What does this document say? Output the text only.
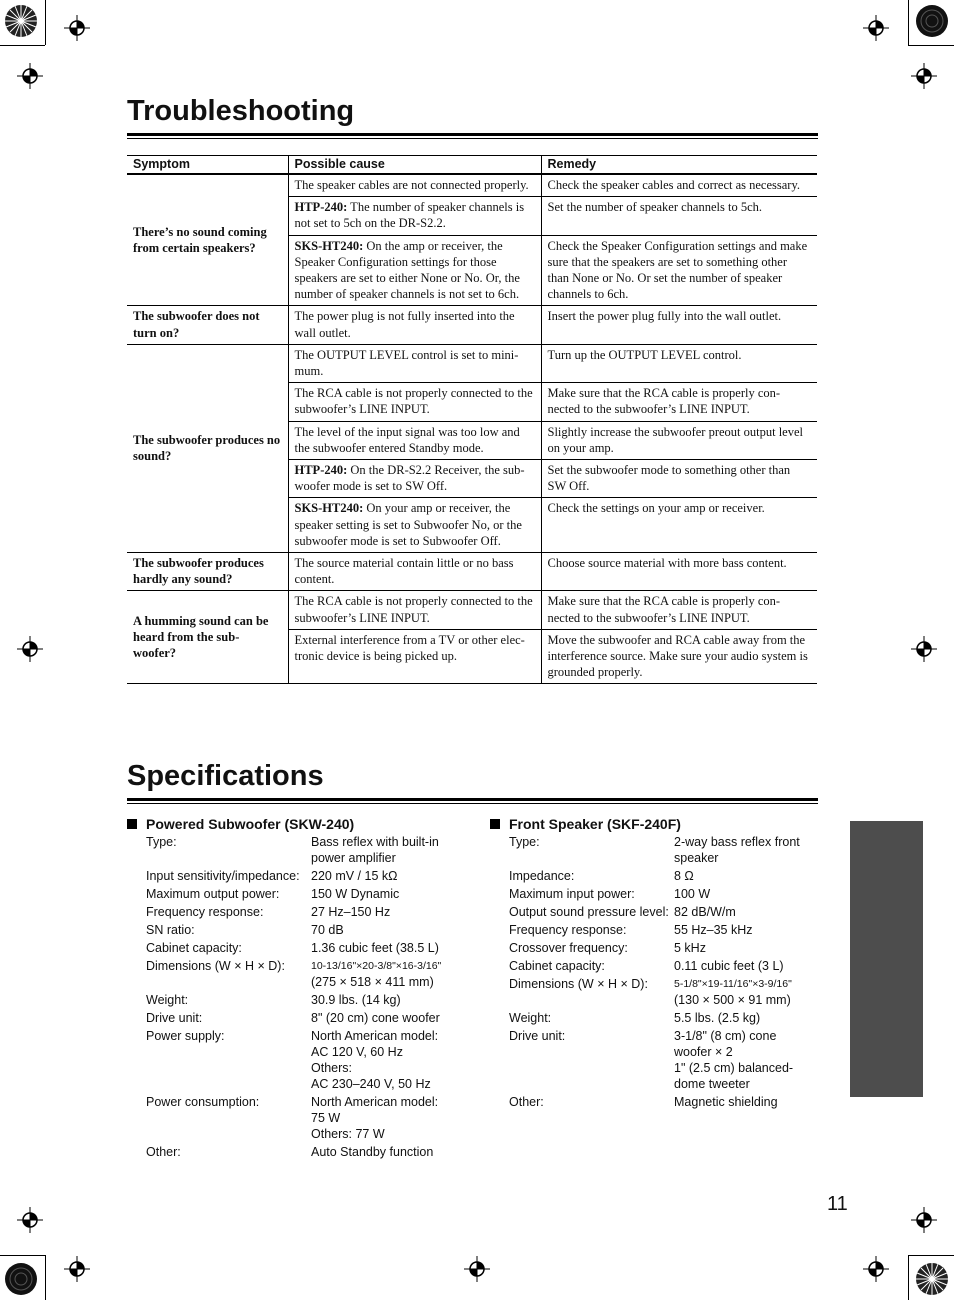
Troubleshooting
Symptom	Possible cause	Remedy
There’s no sound coming from certain speakers?	The speaker cables are not connected properly.	Check the speaker cables and correct as necessary.
	HTP-240: The number of speaker channels is not set to 5ch on the DR-S2.2.	Set the number of speaker channels to 5ch.
	SKS-HT240: On the amp or receiver, the Speaker Configuration settings for those speakers are set to either None or No. Or, the number of speaker channels is not set to 6ch.	Check the Speaker Configuration settings and make sure that the speakers are set to something other than None or No. Or set the number of speaker channels to 6ch.
The subwoofer does not turn on?	The power plug is not fully inserted into the wall outlet.	Insert the power plug fully into the wall outlet.
The subwoofer produces no sound?	The OUTPUT LEVEL control is set to mini-mum.	Turn up the OUTPUT LEVEL control.
	The RCA cable is not properly connected to the subwoofer’s LINE INPUT.	Make sure that the RCA cable is properly con-nected to the subwoofer’s LINE INPUT.
	The level of the input signal was too low and the subwoofer entered Standby mode.	Slightly increase the subwoofer preout output level on your amp.
	HTP-240: On the DR-S2.2 Receiver, the sub-woofer mode is set to SW Off.	Set the subwoofer mode to something other than SW Off.
	SKS-HT240: On your amp or receiver, the speaker setting is set to Subwoofer No, or the subwoofer mode is set to Subwoofer Off.	Check the settings on your amp or receiver.
The subwoofer produces hardly any sound?	The source material contain little or no bass content.	Choose source material with more bass content.
A humming sound can be heard from the sub-woofer?	The RCA cable is not properly connected to the subwoofer’s LINE INPUT.	Make sure that the RCA cable is properly con-nected to the subwoofer’s LINE INPUT.
	External interference from a TV or other elec-tronic device is being picked up.	Move the subwoofer and RCA cable away from the interference source. Make sure your audio system is grounded properly.
Specifications
Powered Subwoofer (SKW-240)
Type:	Bass reflex with built-in
power amplifier
Input sensitivity/impedance: 220 mV / 15 kΩ
Maximum output power:	150 W Dynamic
Frequency response:	27 Hz–150 Hz
SN ratio:	70 dB
Cabinet capacity:	1.36 cubic feet (38.5 L)
Dimensions (W × H × D):	10-13/16"×20-3/8"×16-3/16"
(275 × 518 × 411 mm)
Weight:	30.9 lbs. (14 kg)
Drive unit:	8" (20 cm) cone woofer
Power supply:	North American model:
AC 120 V, 60 Hz
Others:
AC 230–240 V, 50 Hz
Power consumption:	North American model:
75 W
Others: 77 W
Other:	Auto Standby function
Front Speaker (SKF-240F)
Type:	2-way bass reflex front
speaker
Impedance:	8 Ω
Maximum input power:	100 W
Output sound pressure level: 82 dB/W/m
Frequency response:	55 Hz–35 kHz
Crossover frequency:	5 kHz
Cabinet capacity:	0.11 cubic feet (3 L)
Dimensions (W × H × D):	5-1/8"×19-11/16"×3-9/16"
(130 × 500 × 91 mm)
Weight:	5.5 lbs. (2.5 kg)
Drive unit:	3-1/8" (8 cm) cone
woofer × 2
1" (2.5 cm) balanced-
dome tweeter
Other:	Magnetic shielding
11
